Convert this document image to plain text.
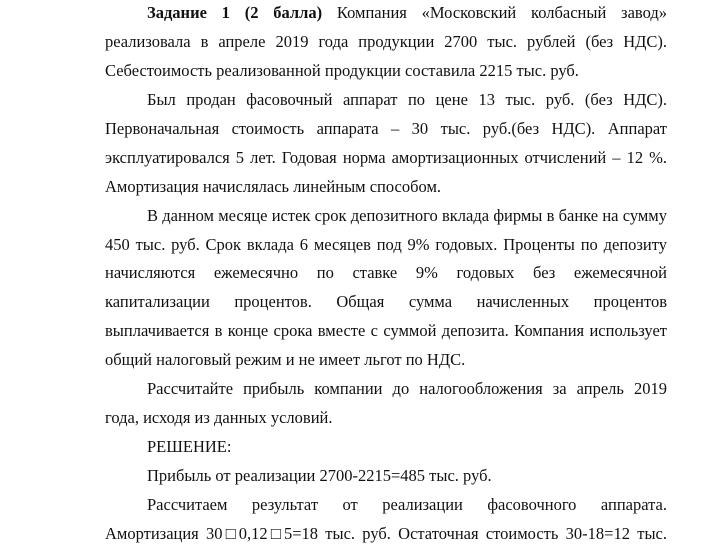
Задание 1 (2 балла) Компания «Московский колбасный завод»

реализовала в апреле 2019 года продукции 2700 тыс. рублей (без НДС).

Себестоимость реализованной продукции составила 2215 тыс. руб.

Был продан фасовочный аппарат по цене 13 тыс. руб. (без НДС).

Первоначальная стоимость аппарата – 30 тыс. руб.(без НДС). Аппарат

эксплуатировался 5 лет. Годовая норма амортизационных отчислений – 12 %.

Амортизация начислялась линейным способом.

В данном месяце истек срок депозитного вклада фирмы в банке на сумму

450 тыс. руб. Срок вклада 6 месяцев под 9% годовых. Проценты по депозиту

начисляются ежемесячно по ставке 9% годовых без ежемесячной

капитализации процентов. Общая сумма начисленных процентов

выплачивается в конце срока вместе с суммой депозита. Компания использует

общий налоговый режим и не имеет льгот по НДС.

Рассчитайте прибыль компании до налогообложения за апрель 2019

года, исходя из данных условий.

РЕШЕНИЕ:

Прибыль от реализации 2700-2215=485 тыс. руб.

Рассчитаем результат от реализации фасовочного аппарата.

Амортизация 30□0,12□5=18 тыс. руб. Остаточная стоимость 30-18=12 тыс.
